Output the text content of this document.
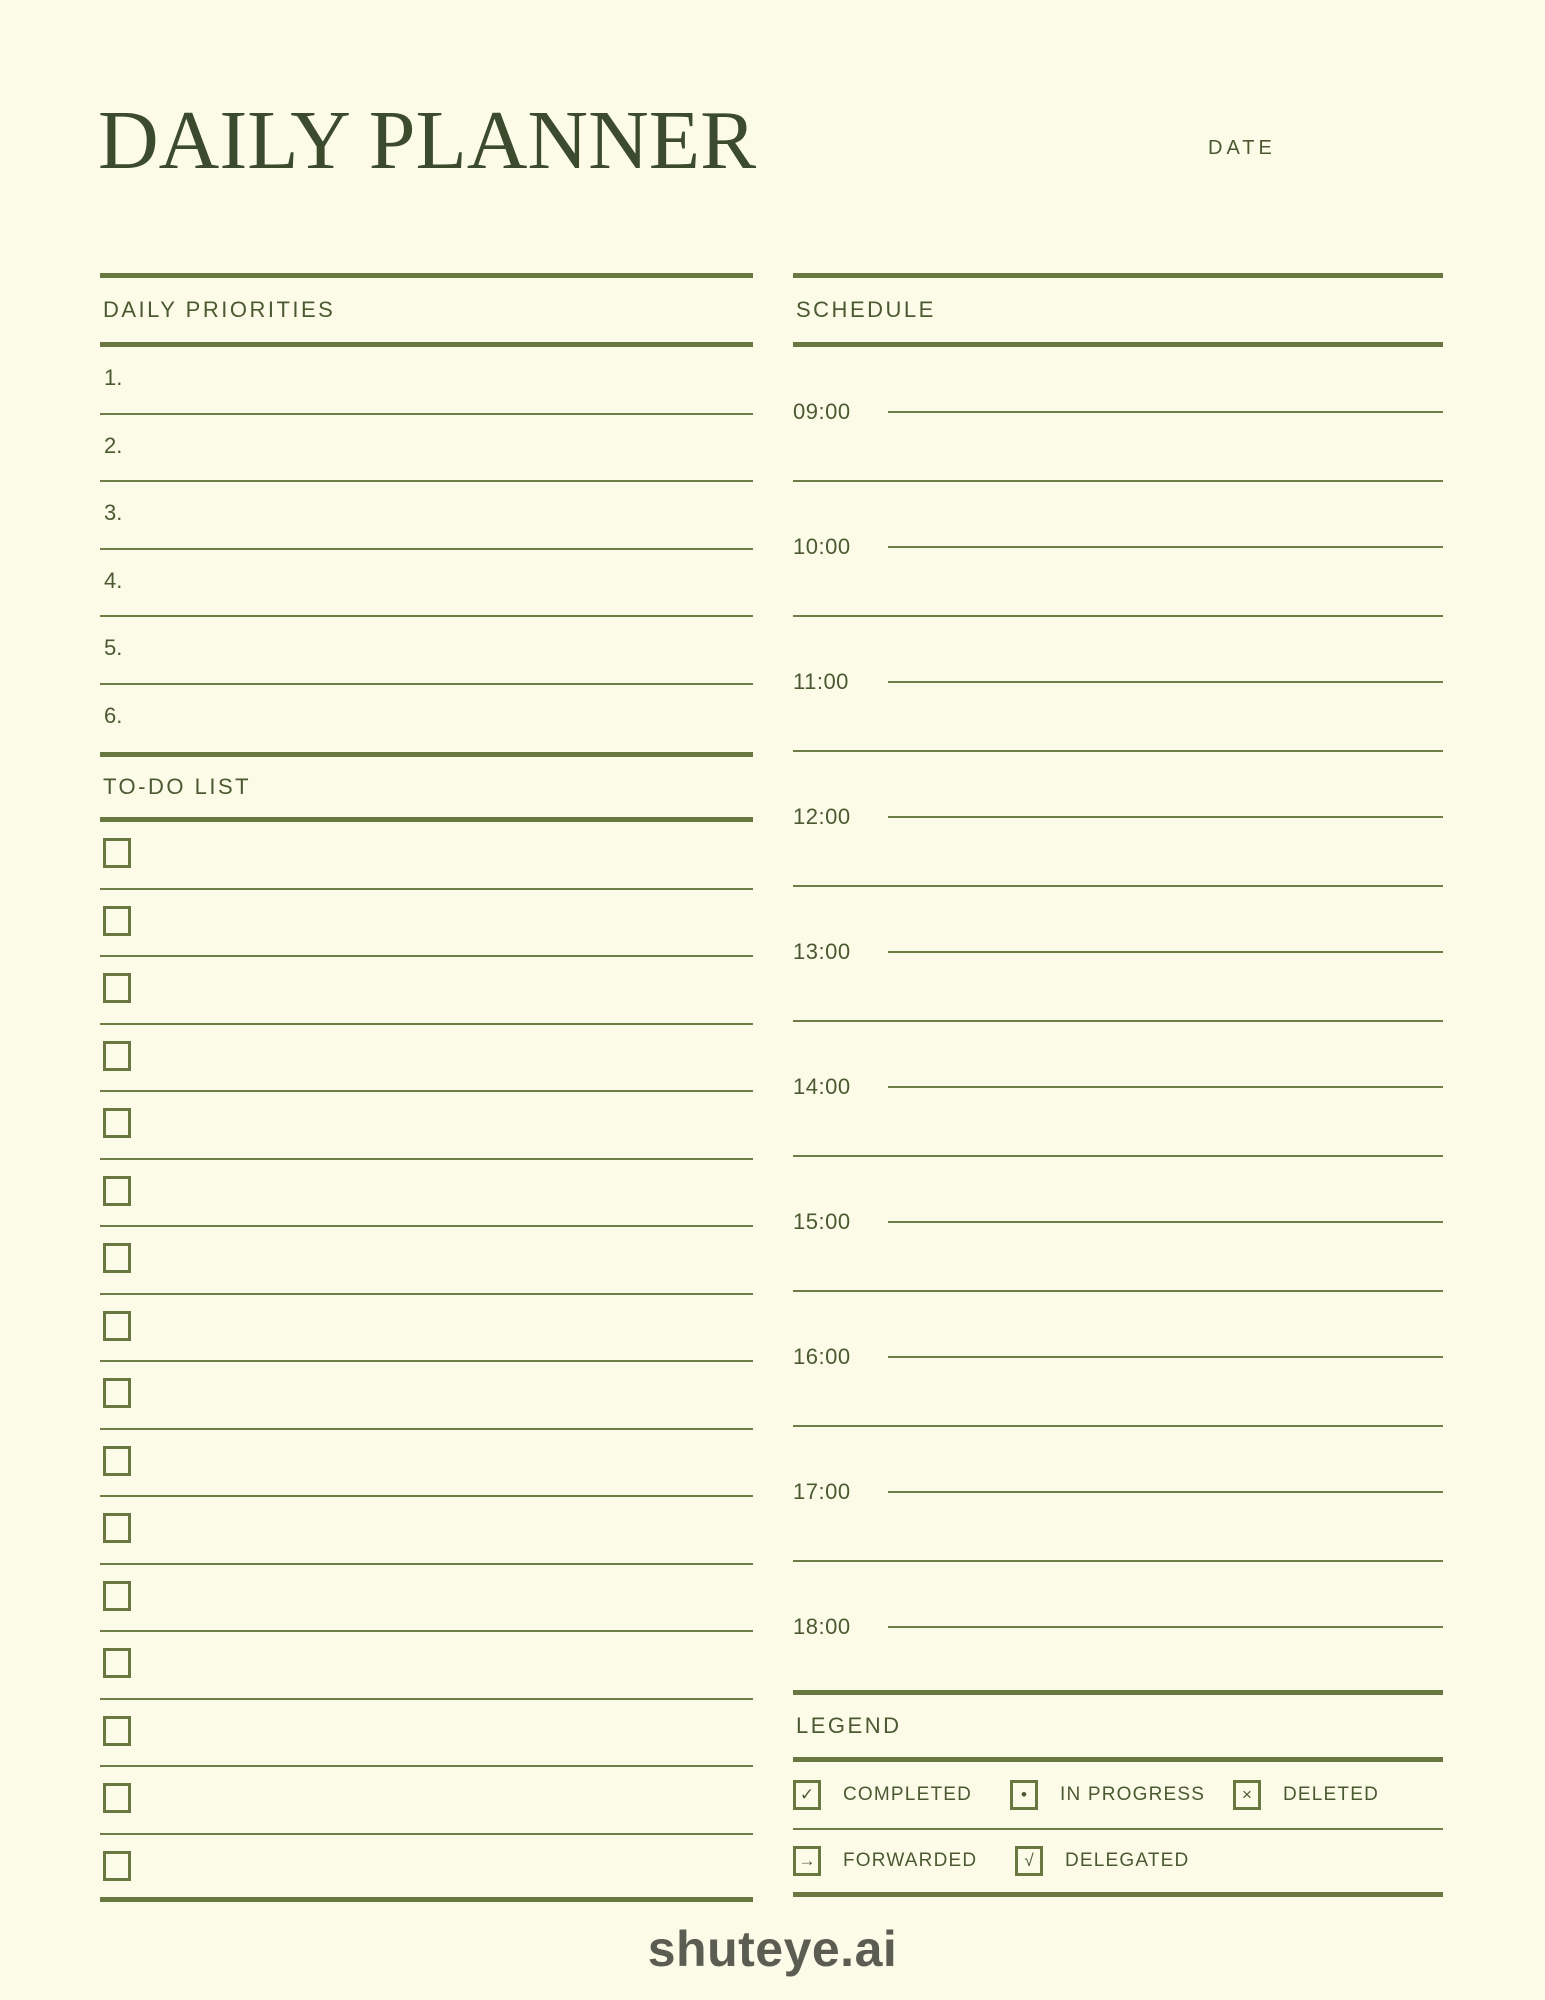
DAILY PLANNER	DATE
DAILY PRIORITIES
1.
2.
3.
4.
5.
6.
TO-DO LIST
SCHEDULE
09:00
10:00
11:00
12:00
13:00
14:00
15:00
16:00
17:00
18:00
LEGEND
✓ COMPLETED	• IN PROGRESS × DELETED
→ FORWARDED	√ DELEGATED
shuteye.ai
